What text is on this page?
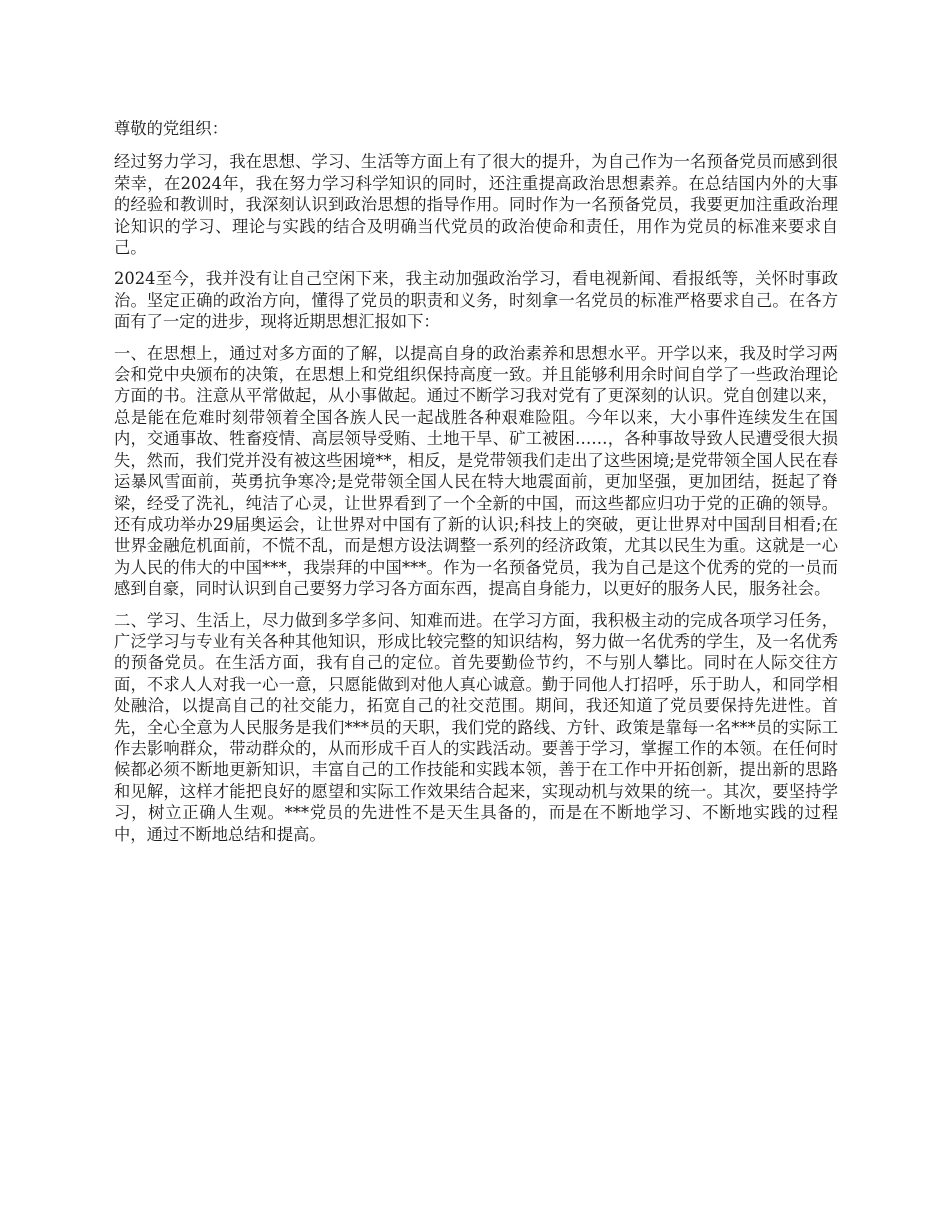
尊敬的党组织：

经过努力学习，我在思想、学习、生活等方面上有了很大的提升，为自己作为一名预备党员而感到很荣幸，在2024年，我在努力学习科学知识的同时，还注重提高政治思想素养。在总结国内外的大事的经验和教训时，我深刻认识到政治思想的指导作用。同时作为一名预备党员，我要更加注重政治理论知识的学习、理论与实践的结合及明确当代党员的政治使命和责任，用作为党员的标准来要求自己。

2024至今，我并没有让自己空闲下来，我主动加强政治学习，看电视新闻、看报纸等，关怀时事政治。坚定正确的政治方向，懂得了党员的职责和义务，时刻拿一名党员的标准严格要求自己。在各方面有了一定的进步，现将近期思想汇报如下：

一、在思想上，通过对多方面的了解，以提高自身的政治素养和思想水平。开学以来，我及时学习两会和党中央颁布的决策，在思想上和党组织保持高度一致。并且能够利用余时间自学了一些政治理论方面的书。注意从平常做起，从小事做起。通过不断学习我对党有了更深刻的认识。党自创建以来，总是能在危难时刻带领着全国各族人民一起战胜各种艰难险阻。今年以来，大小事件连续发生在国内，交通事故、牲畜疫情、高层领导受贿、土地干旱、矿工被困……，各种事故导致人民遭受很大损失，然而，我们党并没有被这些困境**，相反，是党带领我们走出了这些困境;是党带领全国人民在春运暴风雪面前，英勇抗争寒冷;是党带领全国人民在特大地震面前，更加坚强，更加团结，挺起了脊梁，经受了洗礼，纯洁了心灵，让世界看到了一个全新的中国，而这些都应归功于党的正确的领导。还有成功举办29届奥运会，让世界对中国有了新的认识;科技上的突破，更让世界对中国刮目相看;在世界金融危机面前，不慌不乱，而是想方设法调整一系列的经济政策，尤其以民生为重。这就是一心为人民的伟大的中国***，我崇拜的中国***。作为一名预备党员，我为自己是这个优秀的党的一员而感到自豪，同时认识到自己要努力学习各方面东西，提高自身能力，以更好的服务人民，服务社会。

二、学习、生活上，尽力做到多学多问、知难而进。在学习方面，我积极主动的完成各项学习任务，广泛学习与专业有关各种其他知识，形成比较完整的知识结构，努力做一名优秀的学生，及一名优秀的预备党员。在生活方面，我有自己的定位。首先要勤俭节约，不与别人攀比。同时在人际交往方面，不求人人对我一心一意，只愿能做到对他人真心诚意。勤于同他人打招呼，乐于助人，和同学相处融洽，以提高自己的社交能力，拓宽自己的社交范围。期间，我还知道了党员要保持先进性。首先，全心全意为人民服务是我们***员的天职，我们党的路线、方针、政策是靠每一名***员的实际工作去影响群众，带动群众的，从而形成千百人的实践活动。要善于学习，掌握工作的本领。在任何时候都必须不断地更新知识，丰富自己的工作技能和实践本领，善于在工作中开拓创新，提出新的思路和见解，这样才能把良好的愿望和实际工作效果结合起来，实现动机与效果的统一。其次，要坚持学习，树立正确人生观。***党员的先进性不是天生具备的，而是在不断地学习、不断地实践的过程中，通过不断地总结和提高。
